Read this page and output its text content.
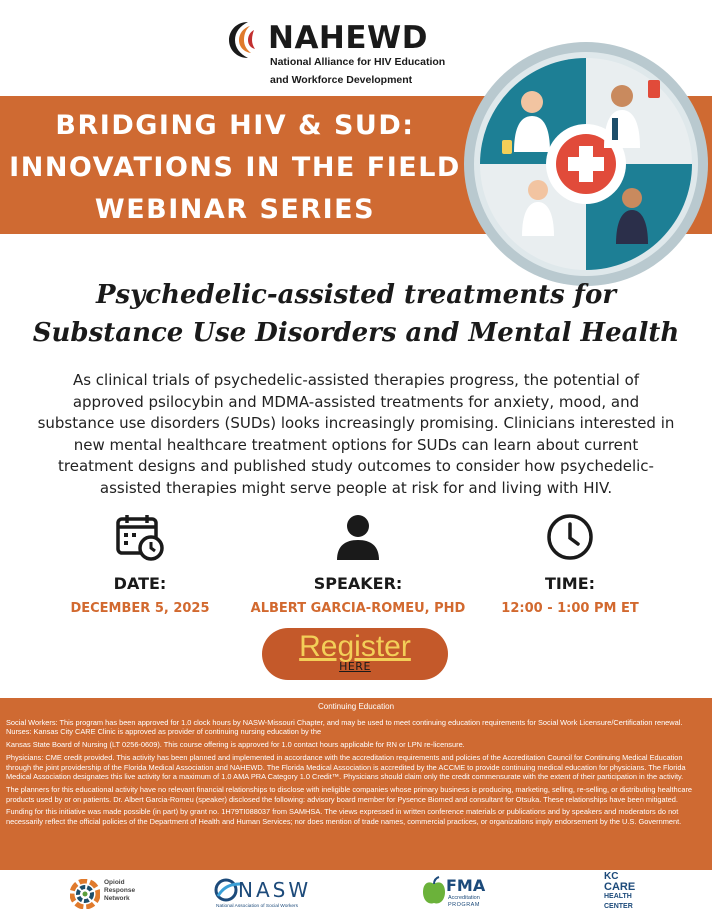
NAHEWD
National Alliance for HIV Education
and Workforce Development
BRIDGING HIV & SUD:
INNOVATIONS IN THE FIELD
WEBINAR SERIES
Psychedelic-assisted treatments for
Substance Use Disorders and Mental Health
As clinical trials of psychedelic-assisted therapies progress, the potential of approved psilocybin and MDMA-assisted treatments for anxiety, mood, and substance use disorders (SUDs) looks increasingly promising. Clinicians interested in new mental healthcare treatment options for SUDs can learn about current treatment designs and published study outcomes to consider how psychedelic-assisted therapies might serve people at risk for and living with HIV.
DATE:
DECEMBER 5, 2025
SPEAKER:
ALBERT GARCIA-ROMEU, PHD
TIME:
12:00 - 1:00 PM ET
Register
HERE
Continuing Education

Social Workers: This program has been approved for 1.0 clock hours by NASW-Missouri Chapter, and may be used to meet continuing education requirements for Social Work Licensure/Certification renewal. Nurses: Kansas City CARE Clinic is approved as provider of continuing nursing education by the

Kansas State Board of Nursing (LT 0256-0609). This course offering is approved for 1.0 contact hours applicable for RN or LPN re-licensure.

Physicians: CME credit provided. This activity has been planned and implemented in accordance with the accreditation requirements and policies of the Accreditation Council for Continuing Medical Education through the joint providership of the Florida Medical Association and NAHEWD. The Florida Medical Association is accredited by the ACCME to provide continuing medical education for physicians. The Florida Medical Association designates this live activity for a maximum of 1.0 AMA PRA Category 1.0 Credit™. Physicians should claim only the credit commensurate with the extent of their participation in the activity.

The planners for this educational activity have no relevant financial relationships to disclose with ineligible companies whose primary business is producing, marketing, selling, re-selling, or distributing healthcare products used by or on patients. Dr. Albert Garcia-Romeu (speaker) disclosed the following: advisory board member for Pysence Biomed and consultant for Otsuka. These relationships have been mitigated.

Funding for this initiative was made possible (in part) by grant no. 1H79TI088037 from SAMHSA. The views expressed in written conference materials or publications and by speakers and moderators do not necessarily reflect the official policies of the Department of Health and Human Services; nor does mention of trade names, commercial practices, or organizations imply endorsement by the U.S. Government.

Opioid
Response
Network	NASW
National Association of Social Workers
FMA
Accreditation
PROGRAM
KC
CARE
HEALTH
CENTER
